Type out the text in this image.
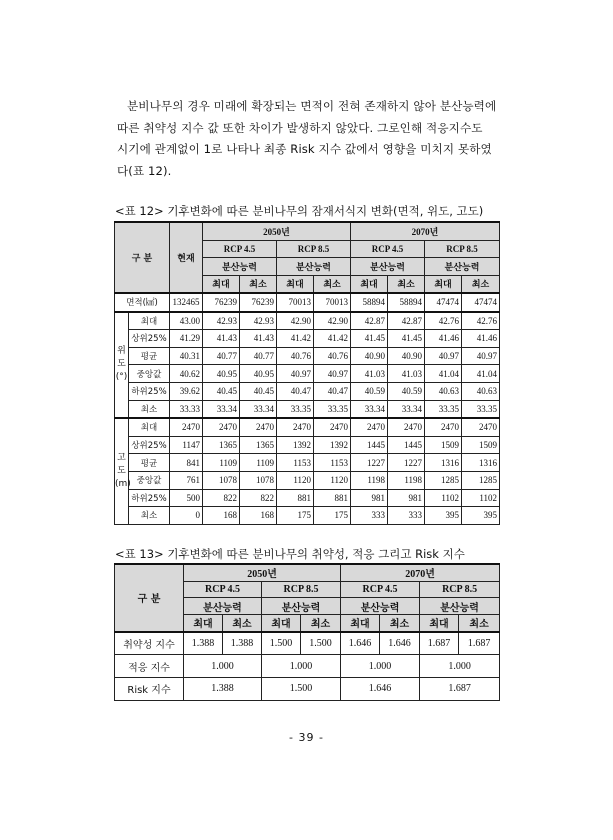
분비나무의 경우 미래에 확장되는 면적이 전혀 존재하지 않아 분산능력에
따른 취약성 지수 값 또한 차이가 발생하지 않았다. 그로인해 적응지수도
시기에 관계없이 1로 나타나 최종 Risk 지수 값에서 영향을 미치지 못하였
다(표 12).
<표 12> 기후변화에 따른 분비나무의 잠재서식지 변화(면적, 위도, 고도)
구 분		현재	2050년				2070년			
			RCP 4.5		RCP 8.5		RCP 4.5		RCP 8.5	
			분산능력		분산능력		분산능력		분산능력	
			최대	최소	최대	최소	최대	최소	최대	최소
면적(㎢)		132465	76239	76239	70013	70013	58894	58894	47474	47474

위
도
(°)	최대	43.00	42.93	42.93	42.90	42.90	42.87	42.87	42.76	42.76
	상위25%	41.29	41.43	41.43	41.42	41.42	41.45	41.45	41.46	41.46
	평균	40.31	40.77	40.77	40.76	40.76	40.90	40.90	40.97	40.97
	중앙값	40.62	40.95	40.95	40.97	40.97	41.03	41.03	41.04	41.04
	하위25%	39.62	40.45	40.45	40.47	40.47	40.59	40.59	40.63	40.63
	최소	33.33	33.34	33.34	33.35	33.35	33.34	33.34	33.35	33.35

고
도
(m)	최대	2470	2470	2470	2470	2470	2470	2470	2470	2470
	상위25%	1147	1365	1365	1392	1392	1445	1445	1509	1509
	평균	841	1109	1109	1153	1153	1227	1227	1316	1316
	중앙값	761	1078	1078	1120	1120	1198	1198	1285	1285
	하위25%	500	822	822	881	881	981	981	1102	1102
	최소	0	168	168	175	175	333	333	395	395
<표 13> 기후변화에 따른 분비나무의 취약성, 적응 그리고 Risk 지수
구 분	2050년				2070년			
	RCP 4.5		RCP 8.5		RCP 4.5		RCP 8.5	
	분산능력		분산능력		분산능력		분산능력	
	최대	최소	최대	최소	최대	최소	최대	최소
취약성 지수	1.388	1.388	1.500	1.500	1.646	1.646	1.687	1.687
적응 지수	1.000		1.000		1.000		1.000	
Risk 지수	1.388		1.500		1.646		1.687	
- 39 -
